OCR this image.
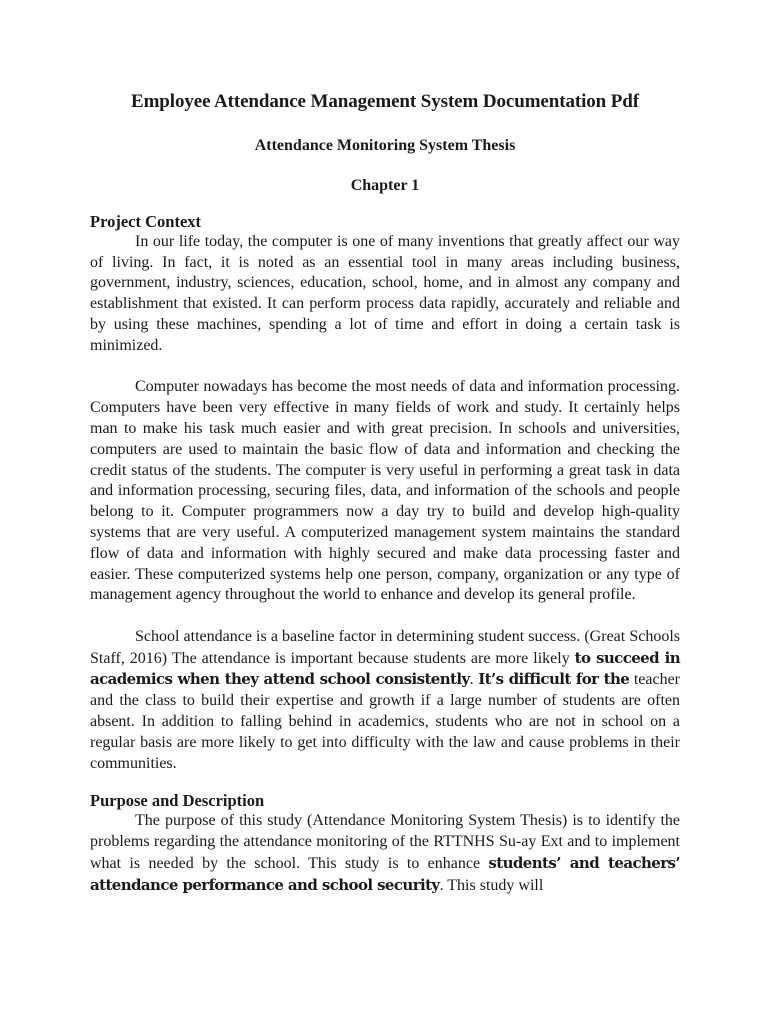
Employee Attendance Management System Documentation Pdf
Attendance Monitoring System Thesis
Chapter 1
Project Context

In our life today, the computer is one of many inventions that greatly affect our way of living. In fact, it is noted as an essential tool in many areas including business, government, industry, sciences, education, school, home, and in almost any company and establishment that existed. It can perform process data rapidly, accurately and reliable and by using these machines, spending a lot of time and effort in doing a certain task is minimized.

Computer nowadays has become the most needs of data and information processing. Computers have been very effective in many fields of work and study. It certainly helps man to make his task much easier and with great precision. In schools and universities, computers are used to maintain the basic flow of data and information and checking the credit status of the students. The computer is very useful in performing a great task in data and information processing, securing files, data, and information of the schools and people belong to it. Computer programmers now a day try to build and develop high-quality systems that are very useful. A computerized management system maintains the standard flow of data and information with highly secured and make data processing faster and easier. These computerized systems help one person, company, organization or any type of management agency throughout the world to enhance and develop its general profile.

School attendance is a baseline factor in determining student success. (Great Schools Staff, 2016) The attendance is important because students are more likely to succeed in academics when they attend school consistently. It’s difficult for the teacher and the class to build their expertise and growth if a large number of students are often absent. In addition to falling behind in academics, students who are not in school on a regular basis are more likely to get into difficulty with the law and cause problems in their communities.

Purpose and Description

The purpose of this study (Attendance Monitoring System Thesis) is to identify the problems regarding the attendance monitoring of the RTTNHS Su-ay Ext and to implement what is needed by the school. This study is to enhance students’ and teachers’ attendance performance and school security. This study will
